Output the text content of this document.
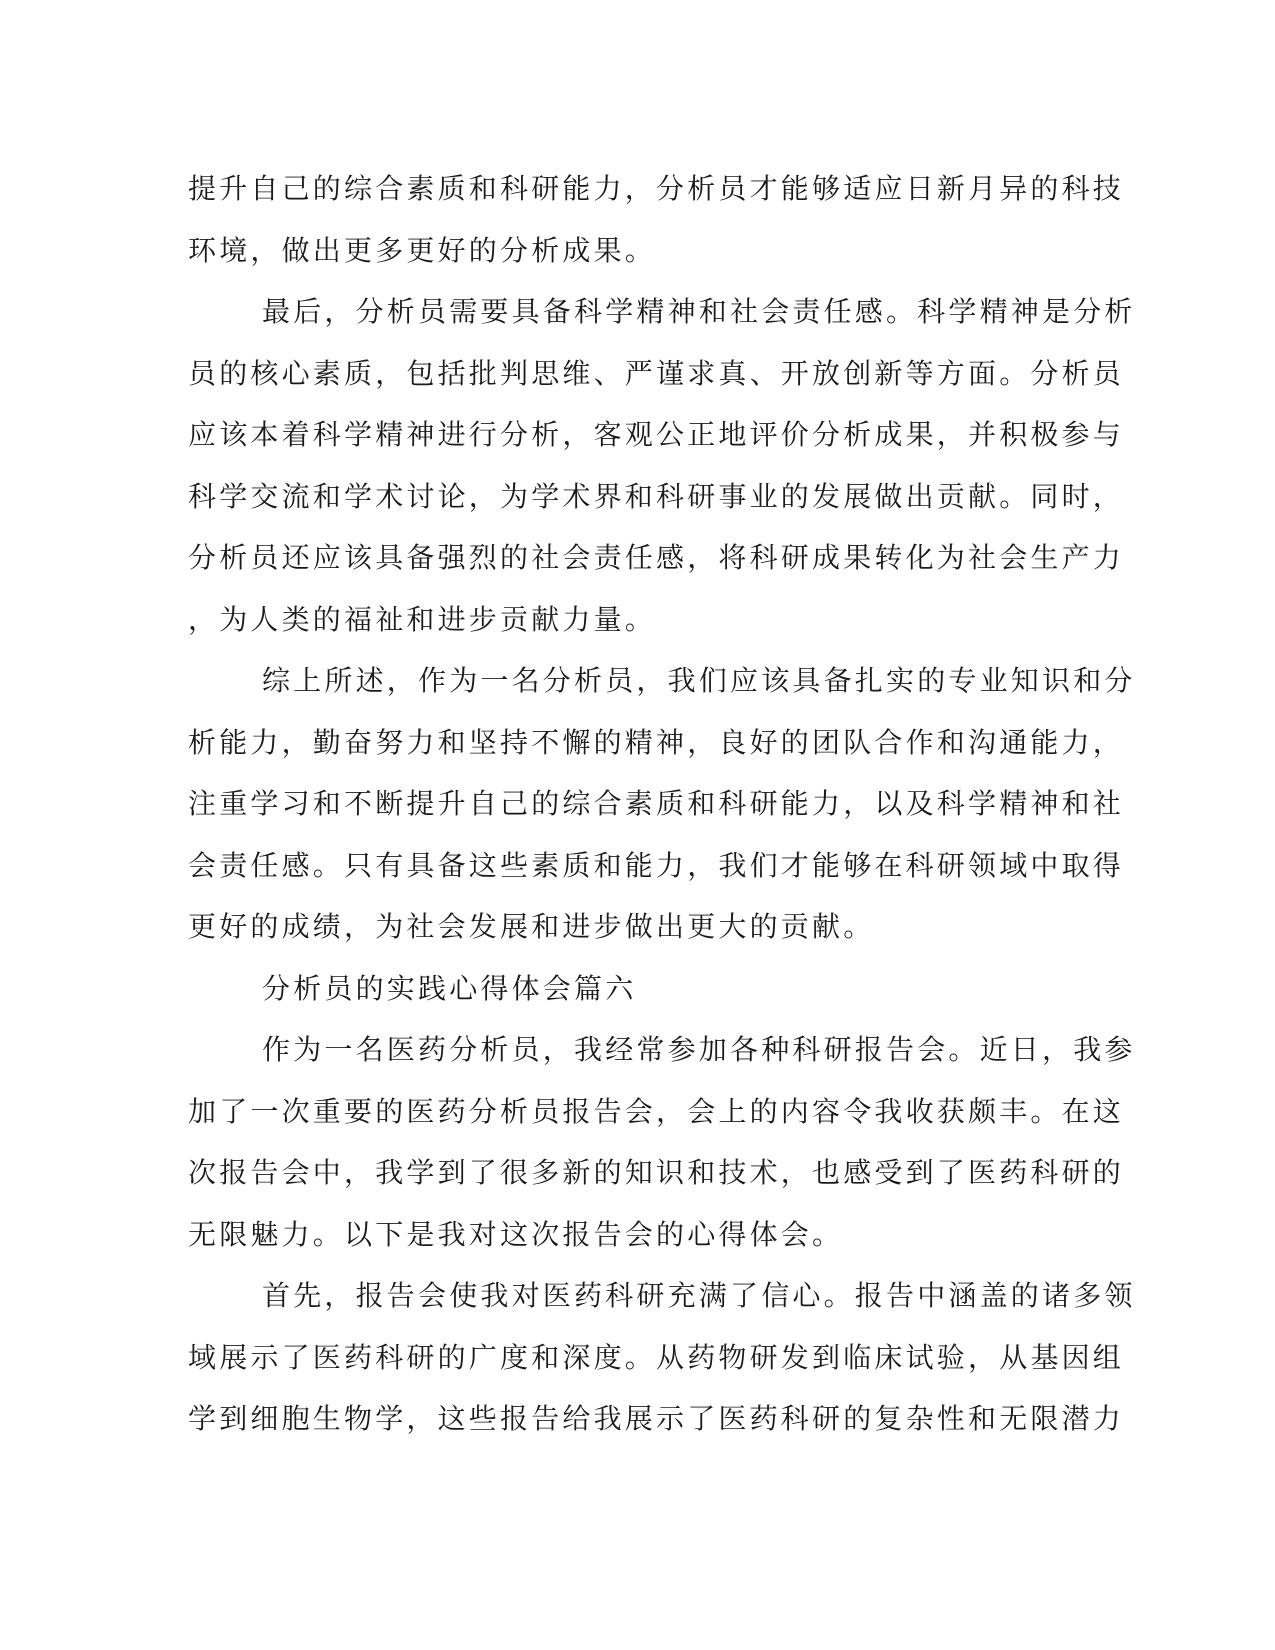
提升自己的综合素质和科研能力，分析员才能够适应日新月异的科技
环境，做出更多更好的分析成果。
最后，分析员需要具备科学精神和社会责任感。科学精神是分析
员的核心素质，包括批判思维、严谨求真、开放创新等方面。分析员
应该本着科学精神进行分析，客观公正地评价分析成果，并积极参与
科学交流和学术讨论，为学术界和科研事业的发展做出贡献。同时，
分析员还应该具备强烈的社会责任感，将科研成果转化为社会生产力
，为人类的福祉和进步贡献力量。
综上所述，作为一名分析员，我们应该具备扎实的专业知识和分
析能力，勤奋努力和坚持不懈的精神，良好的团队合作和沟通能力，
注重学习和不断提升自己的综合素质和科研能力，以及科学精神和社
会责任感。只有具备这些素质和能力，我们才能够在科研领域中取得
更好的成绩，为社会发展和进步做出更大的贡献。
分析员的实践心得体会篇六
作为一名医药分析员，我经常参加各种科研报告会。近日，我参
加了一次重要的医药分析员报告会，会上的内容令我收获颇丰。在这
次报告会中，我学到了很多新的知识和技术，也感受到了医药科研的
无限魅力。以下是我对这次报告会的心得体会。
首先，报告会使我对医药科研充满了信心。报告中涵盖的诸多领
域展示了医药科研的广度和深度。从药物研发到临床试验，从基因组
学到细胞生物学，这些报告给我展示了医药科研的复杂性和无限潜力
